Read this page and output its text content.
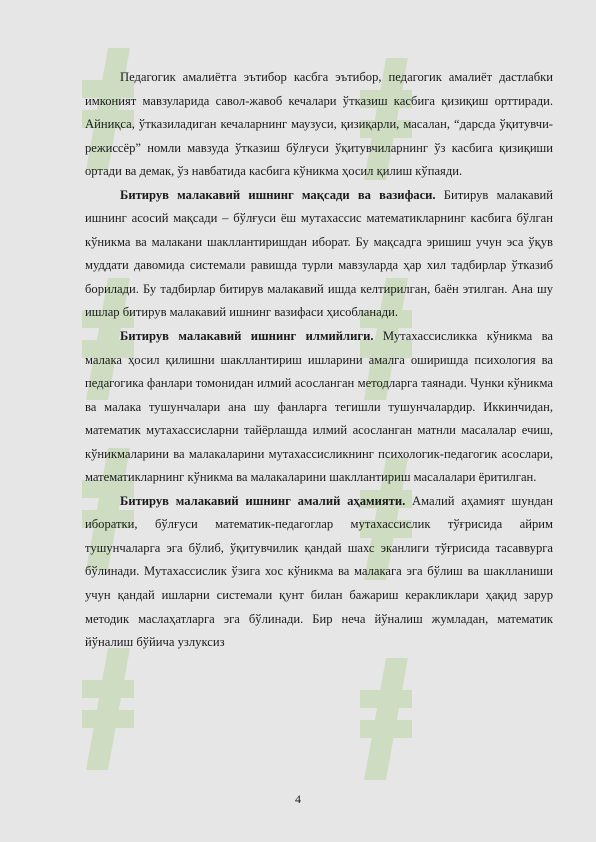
Педагогик амалиётга эътибор касбга эътибор, педагогик амалиёт дастлабки имконият мавзуларида савол-жавоб кечалари ўтказиш касбига қизиқиш орттиради. Айниқса, ўтказиладиган кечаларнинг маузуси, қизиқарли, масалан, “дарсда ўқитувчи-режиссёр” номли мавзуда ўтказиш бўлғуси ўқитувчиларнинг ўз касбига қизиқиши ортади ва демак, ўз навбатида касбига кўникма ҳосил қилиш кўпаяди.

Битирув малакавий ишнинг мақсади ва вазифаси. Битирув малакавий ишнинг асосий мақсади – бўлғуси ёш мутахассис математикларнинг касбига бўлган кўникма ва малакани шакллантиришдан иборат. Бу мақсадга эришиш учун эса ўқув муддати давомида системали равишда турли мавзуларда ҳар хил тадбирлар ўтказиб борилади. Бу тадбирлар битирув малакавий ишда келтирилган, баён этилган. Ана шу ишлар битирув малакавий ишнинг вазифаси ҳисобланади.

Битирув малакавий ишнинг илмийлиги. Мутахассисликка кўникма ва малака ҳосил қилишни шакллантириш ишларини амалга оширишда психология ва педагогика фанлари томонидан илмий асосланган методларга таянади. Чунки кўникма ва малака тушунчалари ана шу фанларга тегишли тушунчалардир. Иккинчидан, математик мутахассисларни тайёрлашда илмий асосланган матнли масалалар ечиш, кўникмаларини ва малакаларини мутахассисликнинг психологик-педагогик асослари, математикларнинг кўникма ва малакаларини шакллантириш масалалари ёритилган.

Битирув малакавий ишнинг амалий аҳамияти. Амалий аҳамият шундан иборатки, бўлғуси математик-педагоглар мутахассислик тўғрисида айрим тушунчаларга эга бўлиб, ўқитувчилик қандай шахс эканлиги тўғрисида тасаввурга бўлинади. Мутахассислик ўзига хос кўникма ва малакага эга бўлиш ва шаклланиши учун қандай ишларни системали қунт билан бажариш керакликлари ҳақид зарур методик маслаҳатларга эга бўлинади. Бир неча йўналиш жумладан, математик йўналиш бўйича узлуксиз

4
